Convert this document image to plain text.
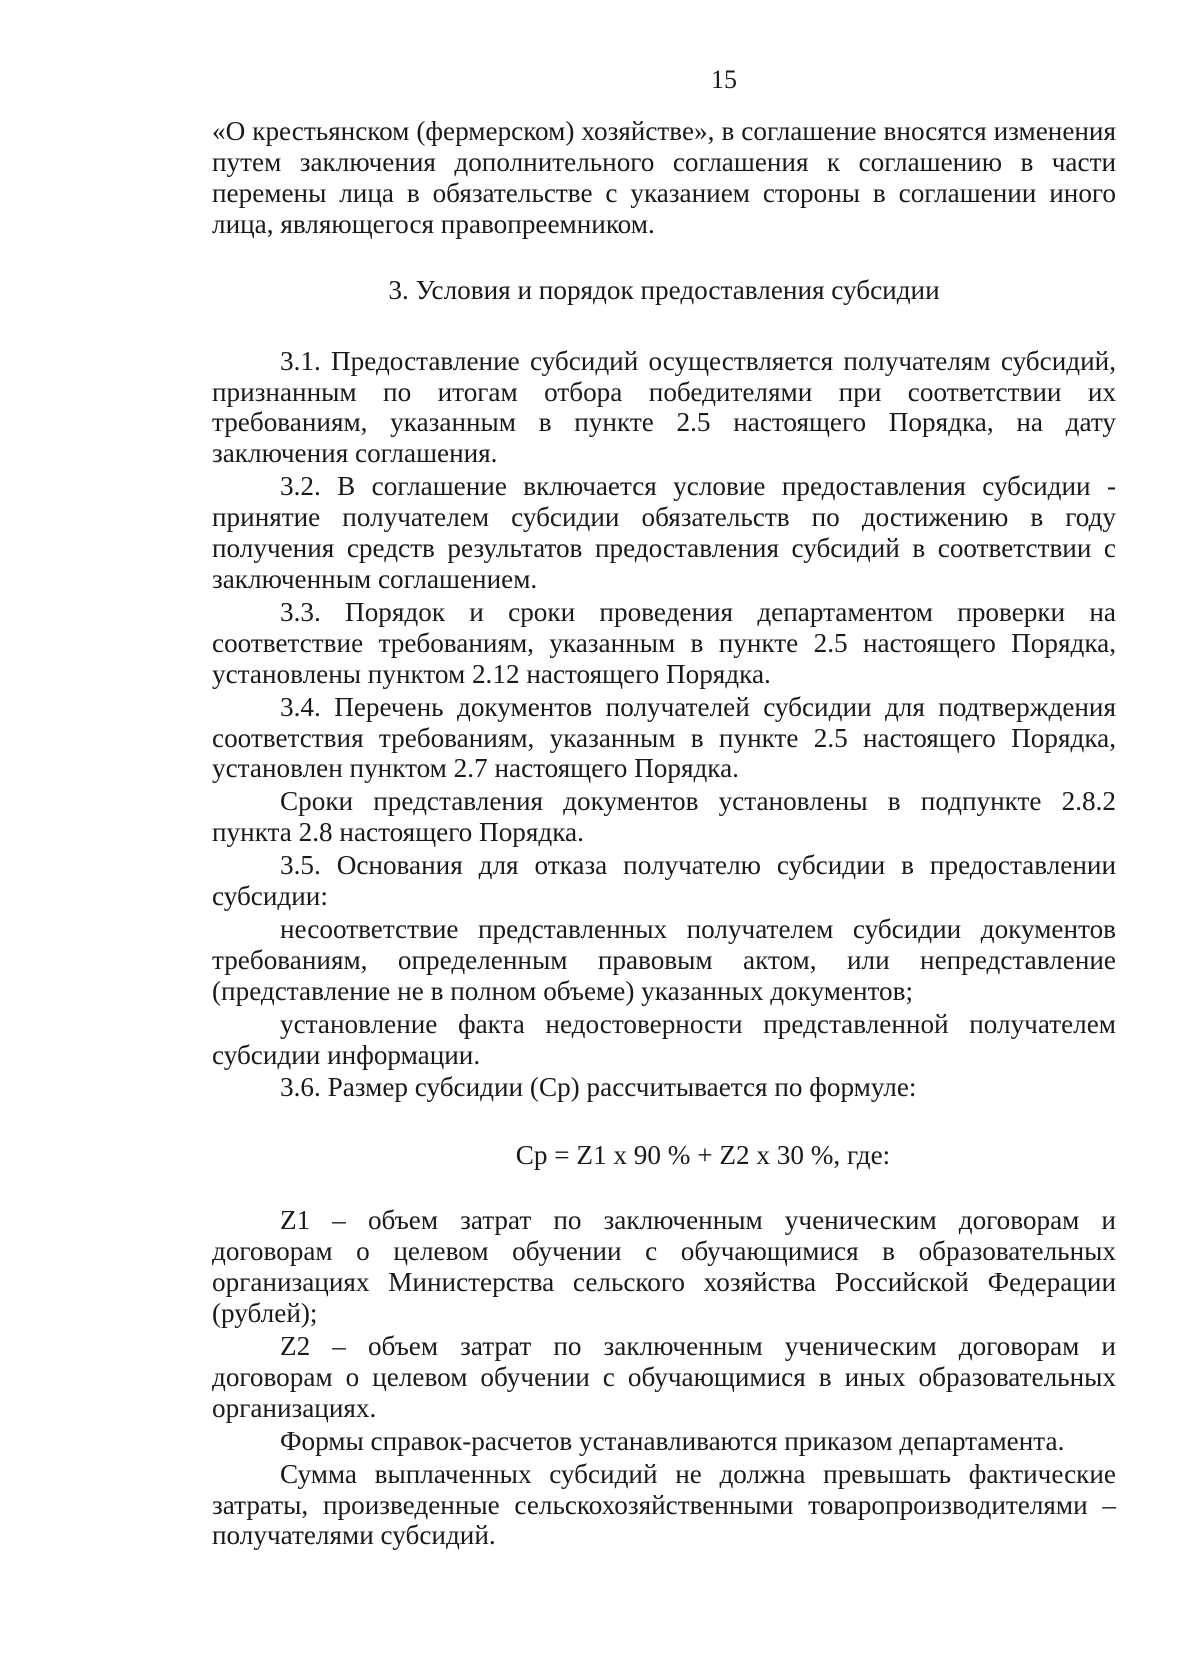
15

«О крестьянском (фермерском) хозяйстве», в соглашение вносятся изменения путем заключения дополнительного соглашения к соглашению в части перемены лица в обязательстве с указанием стороны в соглашении иного лица, являющегося правопреемником.

3. Условия и порядок предоставления субсидии

3.1. Предоставление субсидий осуществляется получателям субсидий, признанным по итогам отбора победителями при соответствии их требованиям, указанным в пункте 2.5 настоящего Порядка, на дату заключения соглашения.

3.2. В соглашение включается условие предоставления субсидии - принятие получателем субсидии обязательств по достижению в году получения средств результатов предоставления субсидий в соответствии с заключенным соглашением.

3.3. Порядок и сроки проведения департаментом проверки на соответствие требованиям, указанным в пункте 2.5 настоящего Порядка, установлены пунктом 2.12 настоящего Порядка.

3.4. Перечень документов получателей субсидии для подтверждения соответствия требованиям, указанным в пункте 2.5 настоящего Порядка, установлен пунктом 2.7 настоящего Порядка.

Сроки представления документов установлены в подпункте 2.8.2 пункта 2.8 настоящего Порядка.

3.5. Основания для отказа получателю субсидии в предоставлении субсидии:

несоответствие представленных получателем субсидии документов требованиям, определенным правовым актом, или непредставление (представление не в полном объеме) указанных документов;

установление факта недостоверности представленной получателем субсидии информации.

3.6. Размер субсидии (Ср) рассчитывается по формуле:

Ср = Z1 х 90 % + Z2 х 30 %, где:

Z1 – объем затрат по заключенным ученическим договорам и договорам о целевом обучении с обучающимися в образовательных организациях Министерства сельского хозяйства Российской Федерации (рублей);

Z2 – объем затрат по заключенным ученическим договорам и договорам о целевом обучении с обучающимися в иных образовательных организациях.

Формы справок-расчетов устанавливаются приказом департамента.

Сумма выплаченных субсидий не должна превышать фактические затраты, произведенные сельскохозяйственными товаропроизводителями – получателями субсидий.
